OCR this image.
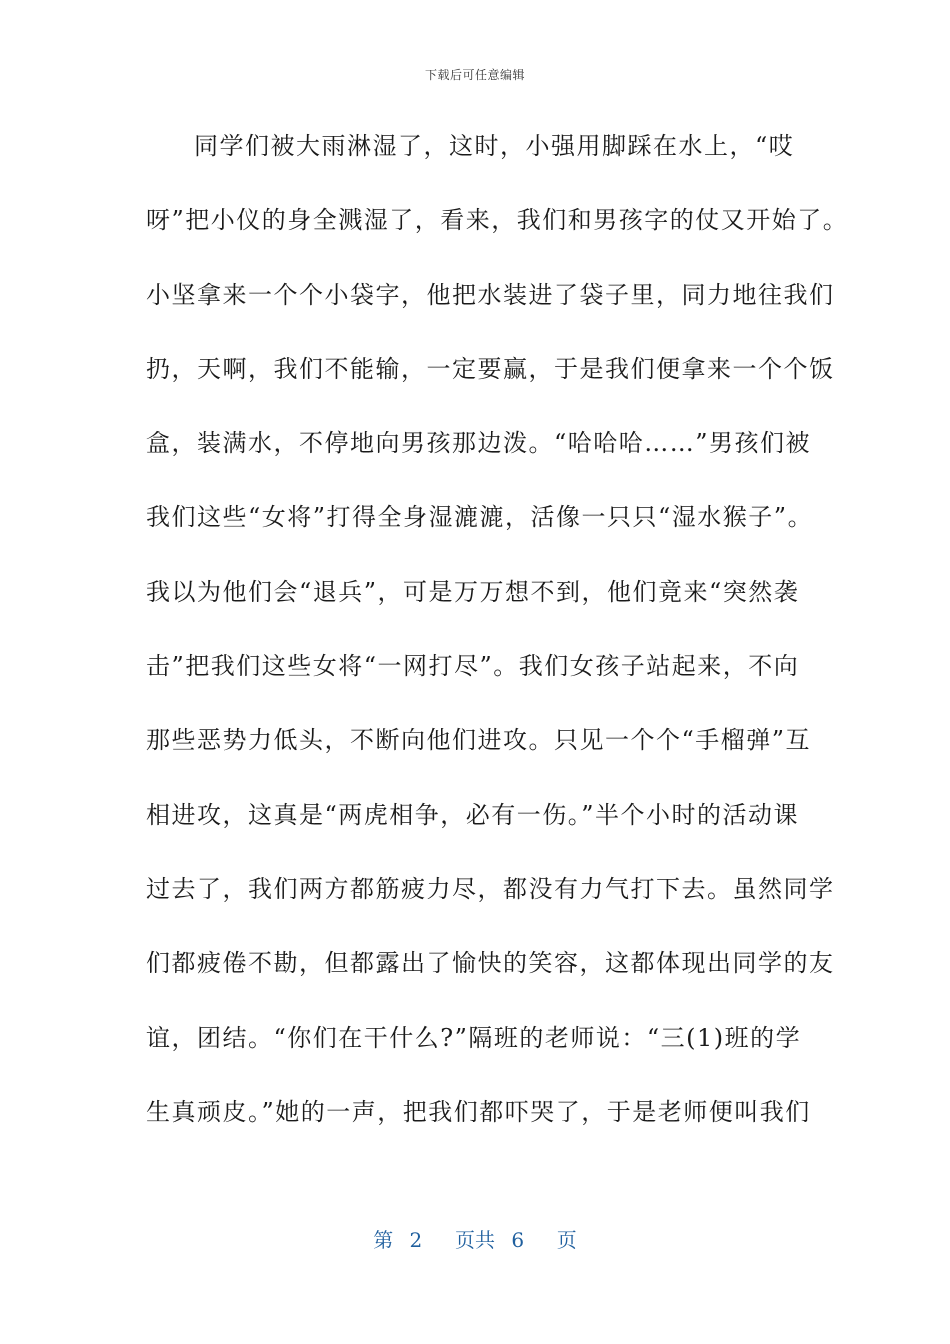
下载后可任意编辑
同学们被大雨淋湿了，这时，小强用脚踩在水上，“哎
呀”把小仪的身全溅湿了，看来，我们和男孩字的仗又开始了。
小坚拿来一个个小袋字，他把水装进了袋子里，同力地往我们
扔，天啊，我们不能输，一定要赢，于是我们便拿来一个个饭
盒，装满水，不停地向男孩那边泼。“哈哈哈……”男孩们被
我们这些“女将”打得全身湿漉漉，活像一只只“湿水猴子”。
我以为他们会“退兵”，可是万万想不到，他们竟来“突然袭
击”把我们这些女将“一网打尽”。我们女孩子站起来，不向
那些恶势力低头，不断向他们进攻。只见一个个“手榴弹”互
相进攻，这真是“两虎相争，必有一伤。”半个小时的活动课
过去了，我们两方都筋疲力尽，都没有力气打下去。虽然同学
们都疲倦不勘，但都露出了愉快的笑容，这都体现出同学的友
谊，团结。“你们在干什么?”隔班的老师说：“三(1)班的学
生真顽皮。”她的一声，把我们都吓哭了，于是老师便叫我们
第 2  页共 6  页
